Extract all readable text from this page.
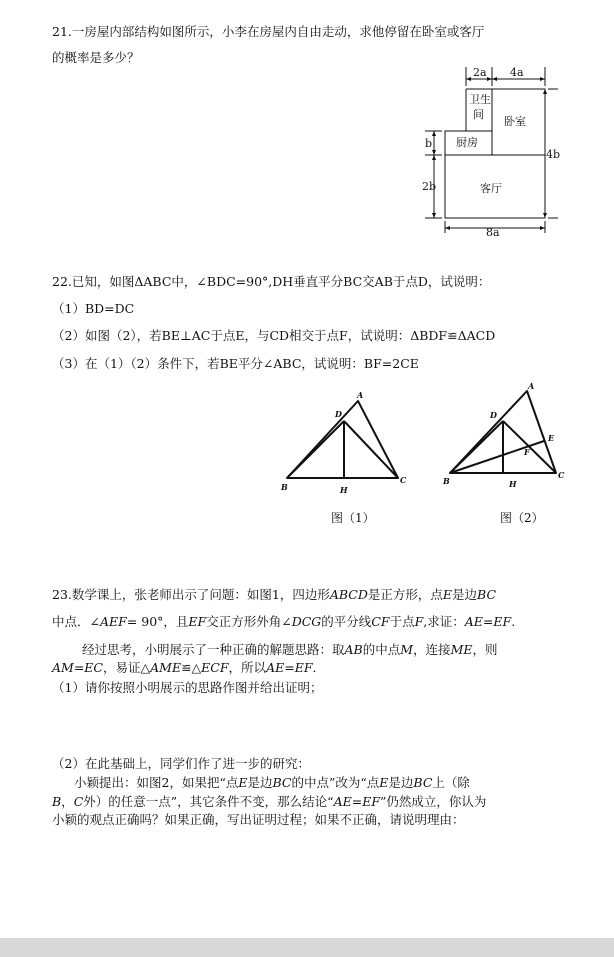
21.一房屋内部结构如图所示，小李在房屋内自由走动，求他停留在卧室或客厅
的概率是多少？
2a 4a
卫生
间
卧室
厨房
客厅
b
2b
4b
8a
22.已知，如图ΔABC中，∠BDC=90°,DH垂直平分BC交AB于点D，试说明：
（1）BD=DC
（2）如图（2），若BE⊥AC于点E，与CD相交于点F，试说明：ΔBDF≌ΔACD
（3）在（1）（2）条件下，若BE平分∠ABC，试说明：BF=2CE
A
B
C
D
H
图（1）
A
B
C
D
E
F
H
图（2）
23.数学课上，张老师出示了问题：如图1，四边形ABCD是正方形，点E是边BC
中点．∠AEF= 90°，且EF交正方形外角∠DCG的平分线CF于点F,求证：AE=EF.
经过思考，小明展示了一种正确的解题思路：取AB的中点M，连接ME，则
AM=EC，易证△AME≌△ECF，所以AE=EF．
（1）请你按照小明展示的思路作图并给出证明；
（2）在此基础上，同学们作了进一步的研究：
小颖提出：如图2，如果把“点E是边BC的中点”改为“点E是边BC上（除
B，C外）的任意一点”，其它条件不变，那么结论“AE=EF”仍然成立，你认为
小颖的观点正确吗？如果正确，写出证明过程；如果不正确，请说明理由：
